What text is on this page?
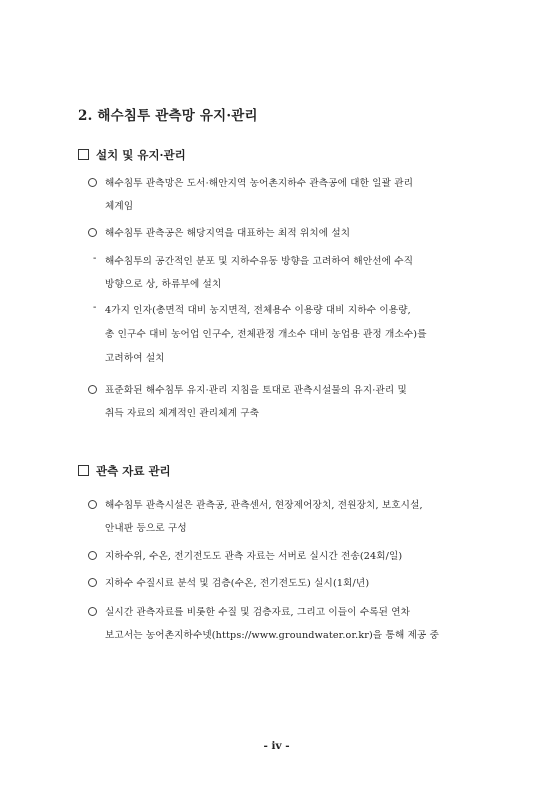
2. 해수침투 관측망 유지·관리
설치 및 유지·관리
해수침투 관측망은 도서·해안지역 농어촌지하수 관측공에 대한 일괄 관리
체계임
해수침투 관측공은 해당지역을 대표하는 최적 위치에 설치
- 해수침투의 공간적인 분포 및 지하수유동 방향을 고려하여 해안선에 수직
방향으로 상, 하류부에 설치
- 4가지 인자(총면적 대비 농지면적, 전체용수 이용량 대비 지하수 이용량,
총 인구수 대비 농어업 인구수, 전체관정 개소수 대비 농업용 관정 개소수)를
고려하여 설치
표준화된 해수침투 유지·관리 지침을 토대로 관측시설물의 유지·관리 및
취득 자료의 체계적인 관리체계 구축
관측 자료 관리
해수침투 관측시설은 관측공, 관측센서, 현장제어장치, 전원장치, 보호시설,
안내판 등으로 구성
지하수위, 수온, 전기전도도 관측 자료는 서버로 실시간 전송(24회/일)
지하수 수질시료 분석 및 검층(수온, 전기전도도) 실시(1회/년)
실시간 관측자료를 비롯한 수질 및 검층자료, 그리고 이들이 수록된 연차
보고서는 농어촌지하수넷(https://www.groundwater.or.kr)을 통해 제공 중
- iv -
